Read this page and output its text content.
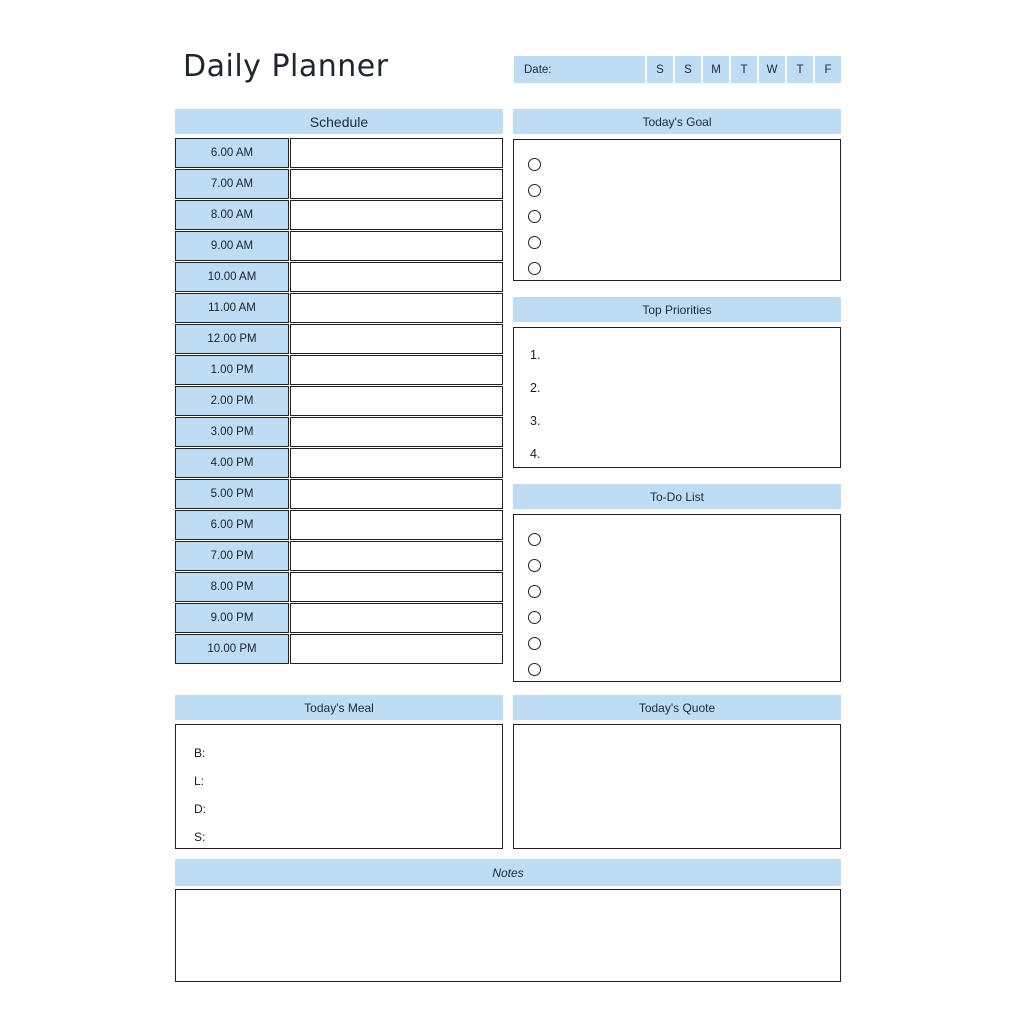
Daily Planner	Date:	S	S	M	T	W	T	F
Schedule
6.00 AM
7.00 AM
8.00 AM
9.00 AM
10.00 AM
11.00 AM
12.00 PM
1.00 PM
2.00 PM
3.00 PM
4.00 PM
5.00 PM
6.00 PM
7.00 PM
8.00 PM
9.00 PM
10.00 PM
Today's Goal
Top Priorities
1.
2.
3.
4.
To-Do List
Today's Meal
B:
L:
D:
S:
Today's Quote
Notes
